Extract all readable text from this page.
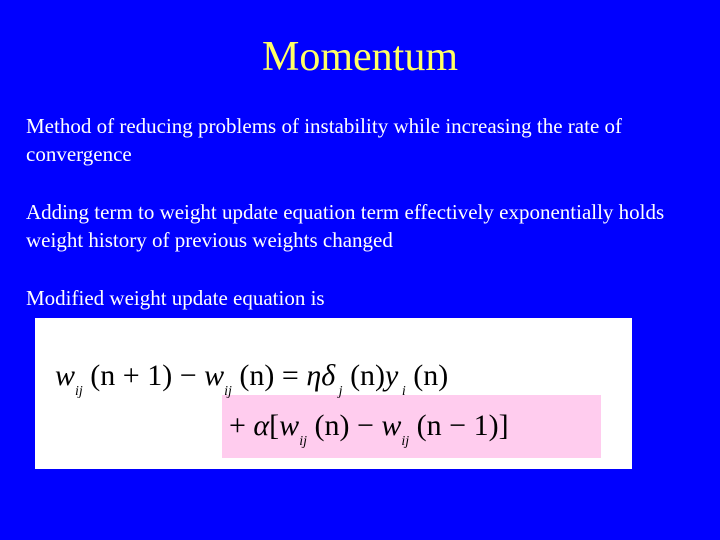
Momentum
Method of reducing problems of instability while increasing the rate of convergence
Adding term to weight update equation term effectively exponentially holds weight history of previous weights changed
Modified weight update equation is
wij (n + 1) − wij (n) = ηδ j (n)y i (n)
+ α[wij (n) − wij (n − 1)]
